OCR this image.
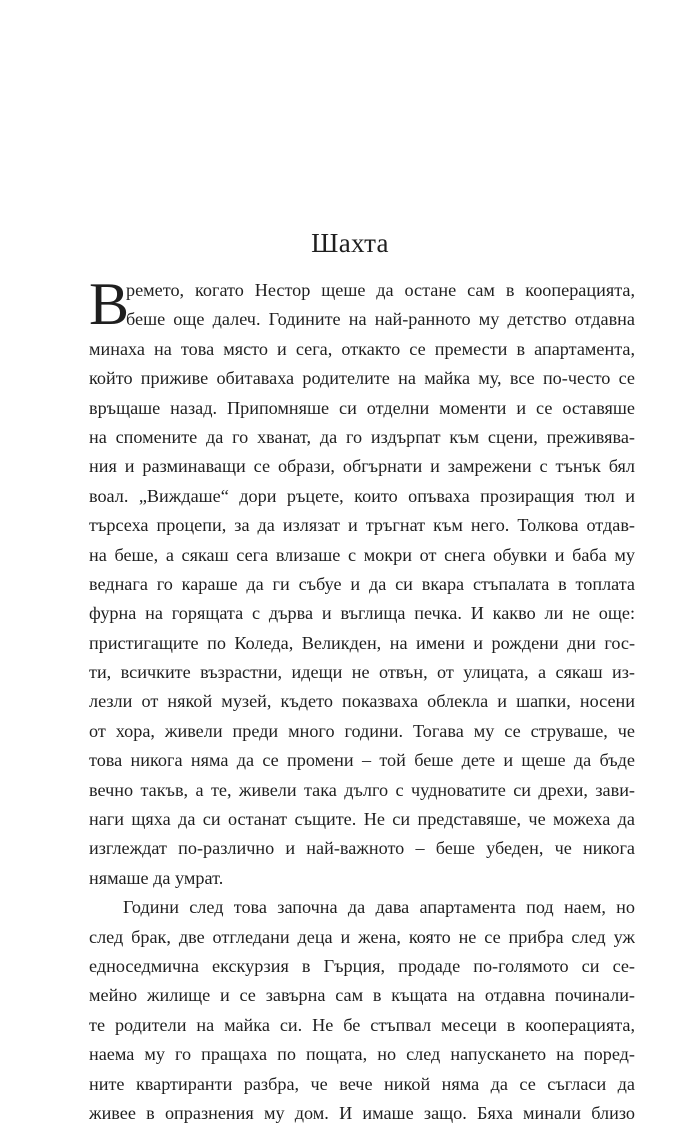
Шахта
В
ремето, когато Нестор щеше да остане сам в кооперацията,
беше още далеч. Годините на най-ранното му детство отдавна
минаха на това място и сега, откакто се премести в апартамента,
който приживе обитаваха родителите на майка му, все по-често се
връщаше назад. Припомняше си отделни моменти и се оставяше
на спомените да го хванат, да го издърпат към сцени, преживява-
ния и разминаващи се образи, обгърнати и замрежени с тънък бял
воал. „Виждаше“ дори ръцете, които опъваха прозиращия тюл и
търсеха процепи, за да излязат и тръгнат към него. Толкова отдав-
на беше, а сякаш сега влизаше с мокри от снега обувки и баба му
веднага го караше да ги събуе и да си вкара стъпалата в топлата
фурна на горящата с дърва и въглища печка. И какво ли не още:
пристигащите по Коледа, Великден, на имени и рождени дни гос-
ти, всичките възрастни, идещи не отвън, от улицата, а сякаш из-
лезли от някой музей, където показваха облекла и шапки, носени
от хора, живели преди много години. Тогава му се струваше, че
това никога няма да се промени – той беше дете и щеше да бъде
вечно такъв, а те, живели така дълго с чудноватите си дрехи, зави-
наги щяха да си останат същите. Не си представяше, че можеха да
изглеждат по-различно и най-важното – беше убеден, че никога
нямаше да умрат.
Години след това започна да дава апартамента под наем, но
след брак, две отгледани деца и жена, която не се прибра след уж
едноседмична екскурзия в Гърция, продаде по-голямото си се-
мейно жилище и се завърна сам в къщата на отдавна починали-
те родители на майка си. Не бе стъпвал месеци в кооперацията,
наема му го пращаха по пощата, но след напускането на поред-
ните квартиранти разбра, че вече никой няма да се съгласи да
живее в опразнения му дом. И имаше защо. Бяха минали близо
